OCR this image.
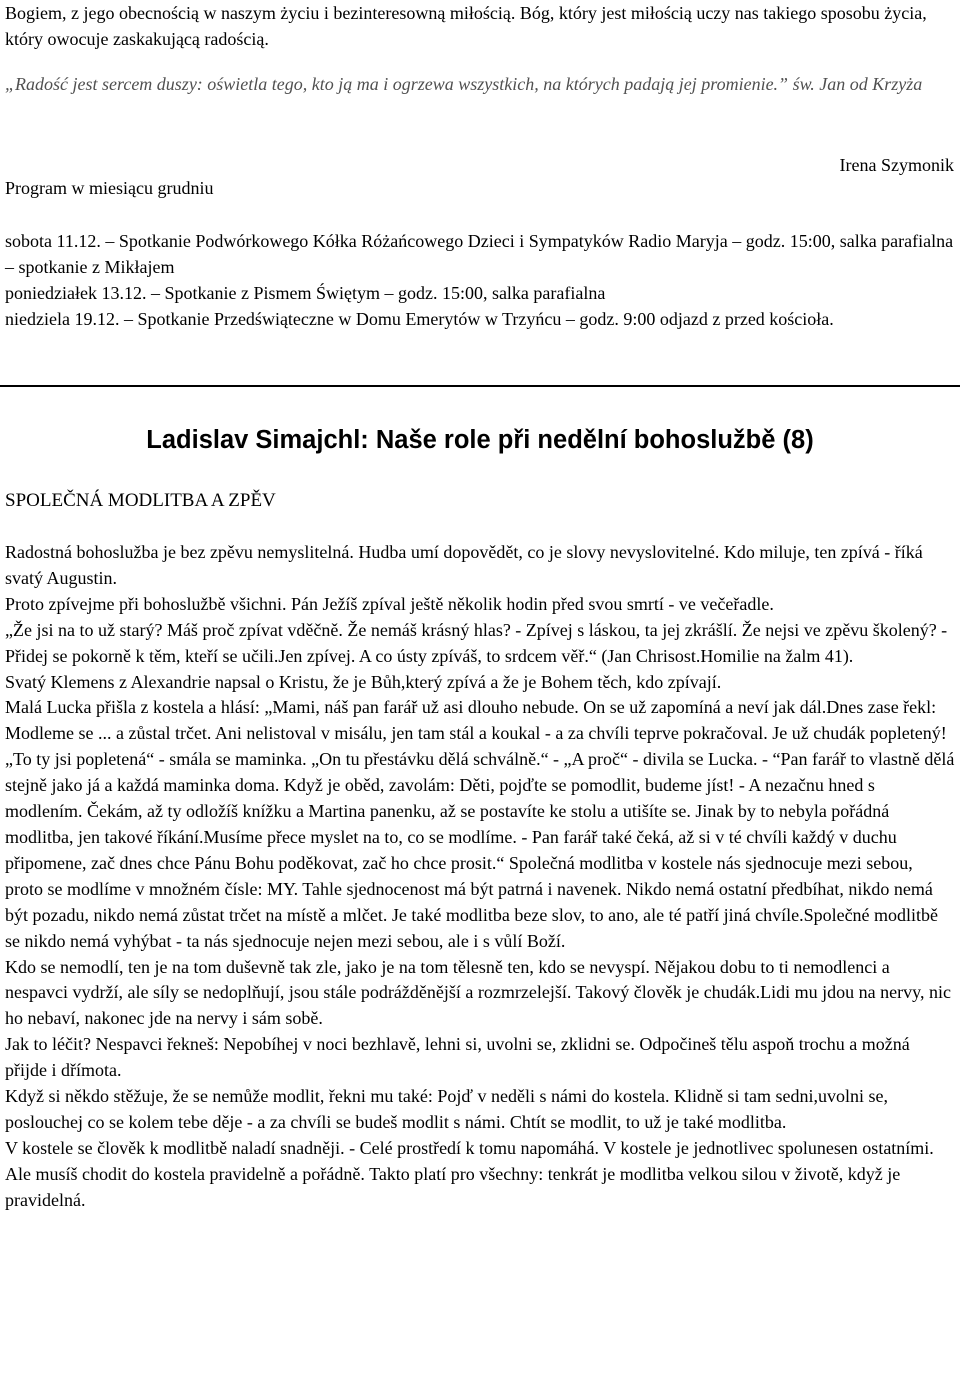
Bogiem, z jego obecnością w naszym życiu i bezinteresowną miłością. Bóg, który jest miłością uczy nas takiego sposobu życia, który owocuje zaskakującą radością.

„Radość jest sercem duszy: oświetla tego, kto ją ma i ogrzewa wszystkich, na których padają jej promienie.” św. Jan od Krzyża

Irena Szymonik

Program w miesiącu grudniu

sobota 11.12. – Spotkanie Podwórkowego Kółka Różańcowego Dzieci i Sympatyków Radio Maryja – godz. 15:00, salka parafialna – spotkanie z Mikłajem

poniedziałek 13.12. – Spotkanie z Pismem Świętym – godz. 15:00, salka parafialna

niedziela 19.12. – Spotkanie Przedświąteczne w Domu Emerytów w Trzyńcu – godz. 9:00 odjazd z przed kościoła.

Ladislav Simajchl: Naše role při nedělní bohoslužbě (8)

SPOLEČNÁ MODLITBA A ZPĚV

Radostná bohoslužba je bez zpěvu nemyslitelná. Hudba umí dopovědět, co je slovy nevyslovitelné. Kdo miluje, ten zpívá - říká svatý Augustin.

Proto zpívejme při bohoslužbě všichni. Pán Ježíš zpíval ještě několik hodin před svou smrtí - ve večeřadle.

„Že jsi na to už starý? Máš proč zpívat vděčně. Že nemáš krásný hlas? - Zpívej s láskou, ta jej zkrášlí. Že nejsi ve zpěvu školený? - Přidej se pokorně k těm, kteří se učili.Jen zpívej. A co ústy zpíváš, to srdcem věř.“ (Jan Chrisost.Homilie na žalm 41).

Svatý Klemens z Alexandrie napsal o Kristu, že je Bůh,který zpívá a že je Bohem těch, kdo zpívají.

Malá Lucka přišla z kostela a hlásí: „Mami, náš pan farář už asi dlouho nebude. On se už zapomíná a neví jak dál.Dnes zase řekl: Modleme se ... a zůstal trčet. Ani nelistoval v misálu, jen tam stál a koukal - a za chvíli teprve pokračoval. Je už chudák popletený!

„To ty jsi popletená“ - smála se maminka. „On tu přestávku dělá schválně.“ - „A proč“ - divila se Lucka. - “Pan farář to vlastně dělá stejně jako já a každá maminka doma. Když je oběd, zavolám: Děti, pojďte se pomodlit, budeme jíst! - A nezačnu hned s modlením. Čekám, až ty odložíš knížku a Martina panenku, až se postavíte ke stolu a utišíte se. Jinak by to nebyla pořádná modlitba, jen takové říkání.Musíme přece myslet na to, co se modlíme. - Pan farář také čeká, až si v té chvíli každý v duchu připomene, zač dnes chce Pánu Bohu poděkovat, zač ho chce prosit.“ Společná modlitba v kostele nás sjednocuje mezi sebou, proto se modlíme v množném čísle: MY. Tahle sjednocenost má být patrná i navenek. Nikdo nemá ostatní předbíhat, nikdo nemá být pozadu, nikdo nemá zůstat trčet na místě a mlčet. Je také modlitba beze slov, to ano, ale té patří jiná chvíle.Společné modlitbě se nikdo nemá vyhýbat - ta nás sjednocuje nejen mezi sebou, ale i s vůlí Boží.

Kdo se nemodlí, ten je na tom duševně tak zle, jako je na tom tělesně ten, kdo se nevyspí. Nějakou dobu to ti nemodlenci a nespavci vydrží, ale síly se nedoplňují, jsou stále podrážděnější a rozmrzelejší. Takový člověk je chudák.Lidi mu jdou na nervy, nic ho nebaví, nakonec jde na nervy i sám sobě.

Jak to léčit? Nespavci řekneš: Nepobíhej v noci bezhlavě, lehni si, uvolni se, zklidni se. Odpočineš tělu aspoň trochu a možná přijde i dřímota.

Když si někdo stěžuje, že se nemůže modlit, řekni mu také: Pojď v neděli s námi do kostela. Klidně si tam sedni,uvolni se, poslouchej co se kolem tebe děje - a za chvíli se budeš modlit s námi. Chtít se modlit, to už je také modlitba.

V kostele se člověk k modlitbě naladí snadněji. - Celé prostředí k tomu napomáhá. V kostele je jednotlivec spolunesen ostatními.

Ale musíš chodit do kostela pravidelně a pořádně. Takto platí pro všechny: tenkrát je modlitba velkou silou v životě, když je pravidelná.
